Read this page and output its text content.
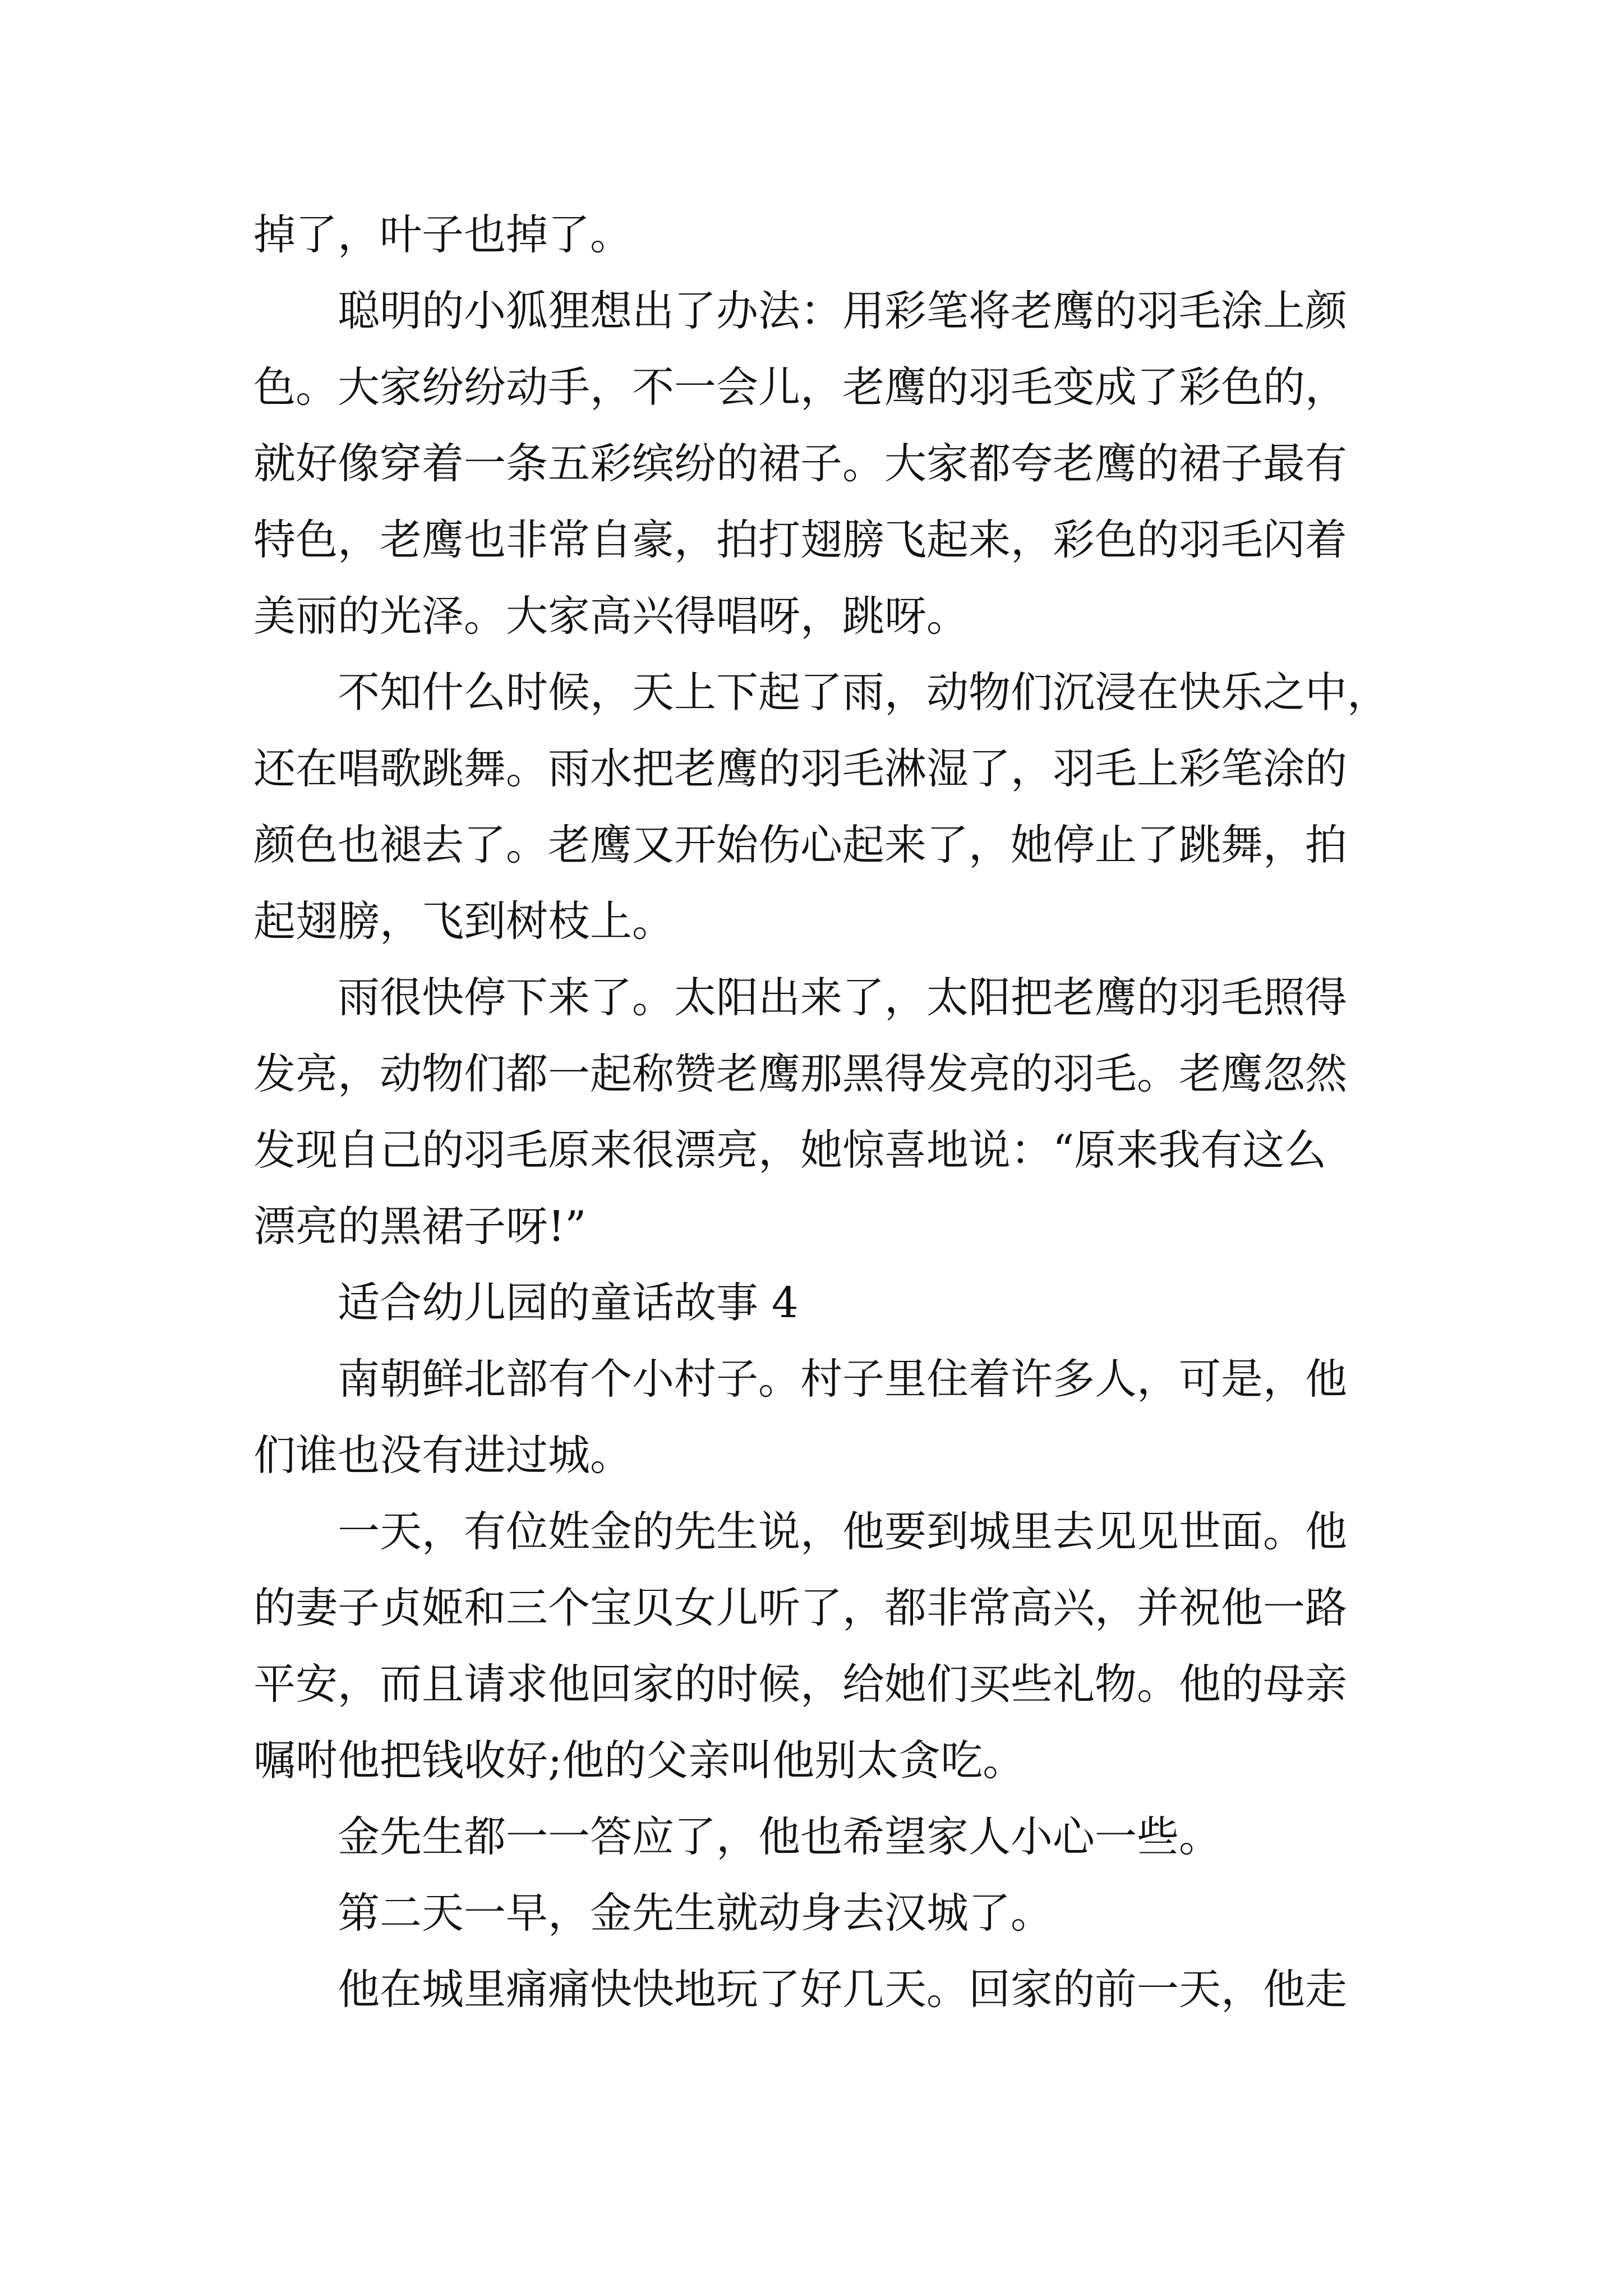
掉了，叶子也掉了。
　　聪明的小狐狸想出了办法：用彩笔将老鹰的羽毛涂上颜
色。大家纷纷动手，不一会儿，老鹰的羽毛变成了彩色的，
就好像穿着一条五彩缤纷的裙子。大家都夸老鹰的裙子最有
特色，老鹰也非常自豪，拍打翅膀飞起来，彩色的羽毛闪着
美丽的光泽。大家高兴得唱呀，跳呀。
　　不知什么时候，天上下起了雨，动物们沉浸在快乐之中，
还在唱歌跳舞。雨水把老鹰的羽毛淋湿了，羽毛上彩笔涂的
颜色也褪去了。老鹰又开始伤心起来了，她停止了跳舞，拍
起翅膀，飞到树枝上。
　　雨很快停下来了。太阳出来了，太阳把老鹰的羽毛照得
发亮，动物们都一起称赞老鹰那黑得发亮的羽毛。老鹰忽然
发现自己的羽毛原来很漂亮，她惊喜地说：“原来我有这么
漂亮的黑裙子呀!”
　　适合幼儿园的童话故事 4
　　南朝鲜北部有个小村子。村子里住着许多人，可是，他
们谁也没有进过城。
　　一天，有位姓金的先生说，他要到城里去见见世面。他
的妻子贞姬和三个宝贝女儿听了，都非常高兴，并祝他一路
平安，而且请求他回家的时候，给她们买些礼物。他的母亲
嘱咐他把钱收好;他的父亲叫他别太贪吃。
　　金先生都一一答应了，他也希望家人小心一些。
　　第二天一早，金先生就动身去汉城了。
　　他在城里痛痛快快地玩了好几天。回家的前一天，他走
